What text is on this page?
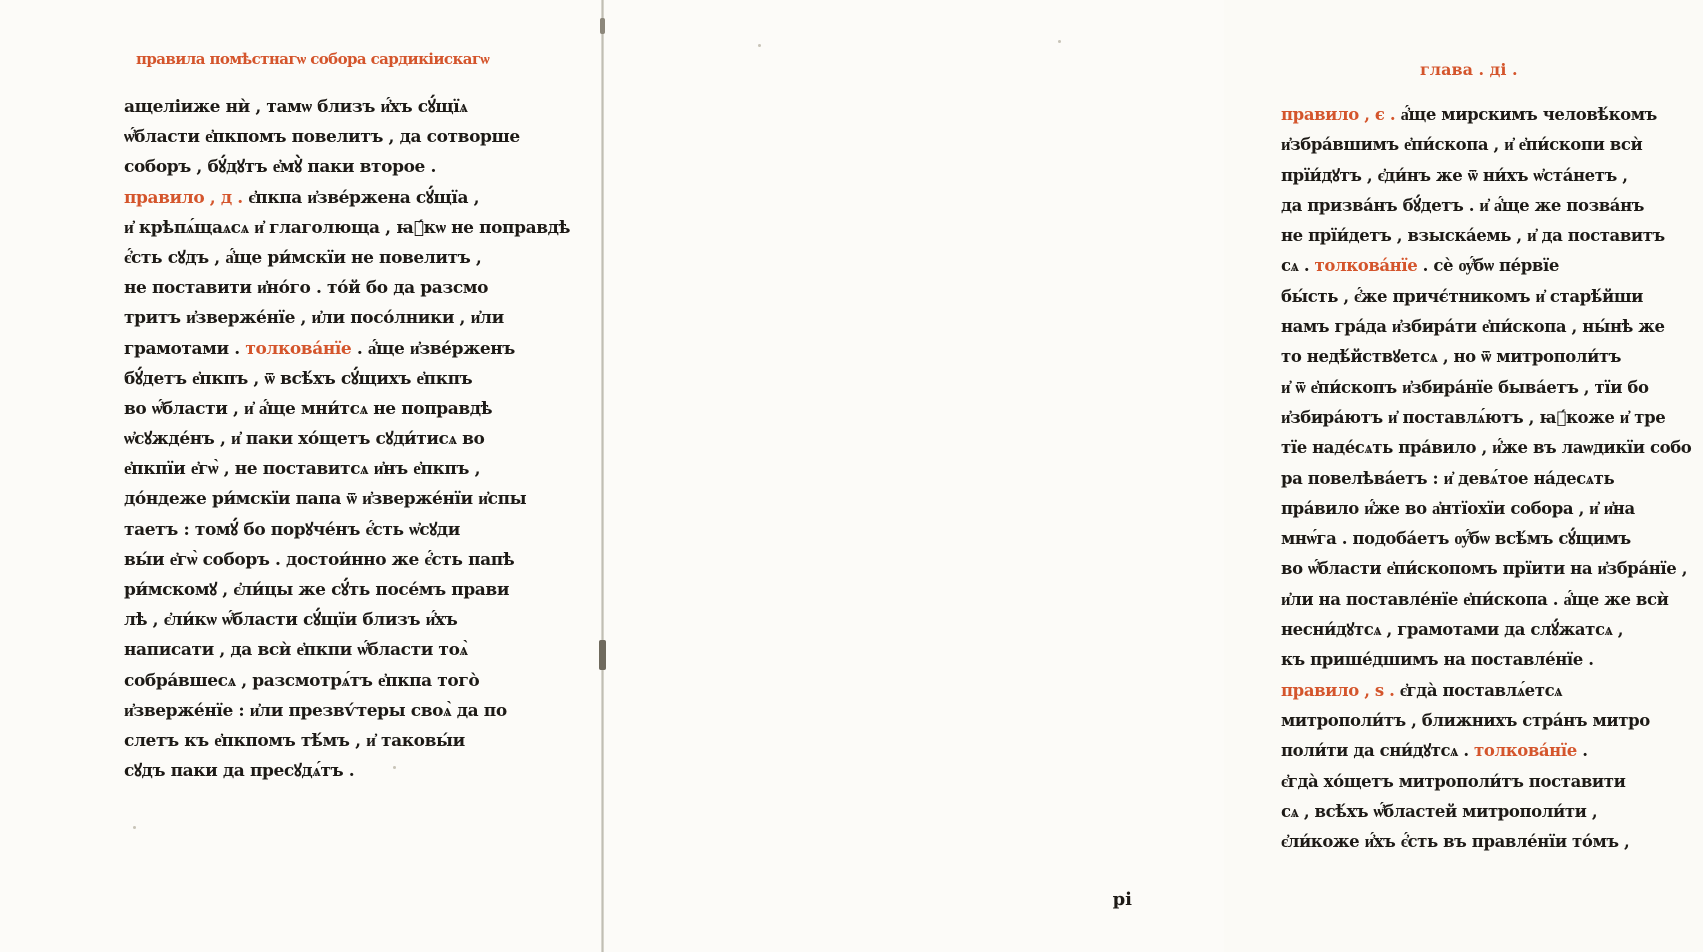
правила помѣстнагѡ собора сардикіискагѡ
ащеліиже нѝ , тамѡ близъ и҆́хъ сꙋ́щїѧ
ѡ҆́бласти е҆пкпомъ повелитъ , да сотворше
соборъ , бꙋ́дꙋтъ е҆мꙋ̀ паки второе .
правило , д . є҆пкпа и҆зве́ржена сꙋ́щїа ,
и҆ крѣпѧ́щаѧсѧ и҆ глаголюща , ꙗ҆́кѡ не поправдѣ
є҆́сть сꙋдъ , а҆́ще ри́мскїи не повелитъ ,
не поставити и҆но́го . то́й бо да разсмо
тритъ и҆зверже́нїе , и҆ли посо́лники , и҆ли
грамотами . толкова́нїе . а҆́ще и҆зве́рженъ
бꙋ́детъ е҆пкпъ , ѿ всѣ́хъ сꙋ́щихъ е҆пкпъ
во ѡ҆́бласти , и҆ а҆́ще мни́тсѧ не поправдѣ
ѡ҆сꙋжде́нъ , и҆ паки хо́щетъ сꙋди́тисѧ во
е҆пкпїи е҆гѡ̀ , не поставитсѧ и҆нъ е҆пкпъ ,
до́ндеже ри́мскїи папа ѿ и҆зверже́нїи и҆спы
таетъ : томꙋ́ бо порꙋче́нъ є҆́сть ѡ҆сꙋди
вы́и е҆гѡ̀ соборъ . достои́нно же є҆́сть папѣ
ри́мскомꙋ , є҆ли́цы же сꙋ́ть посе́мъ прави
лѣ , є҆ли́кѡ ѡ҆́бласти сꙋ́щїи близъ и҆́хъ
написати , да всѝ е҆пкпи ѡ҆́бласти тоѧ̀
собра́вшесѧ , разсмотрѧ́тъ е҆пкпа того̀
и҆зверже́нїе : и҆ли презвѵ́теры своѧ̀ да по
слетъ къ е҆пкпомъ тѣ́мъ , и҆ таковы́и
сꙋдъ паки да пресꙋдѧ́тъ .
глава . ді .
правило , є . а҆́ще мирскимъ человѣ́комъ
и҆збра́вшимъ е҆пи́скопа , и҆ е҆пи́скопи всѝ
прїи́дꙋтъ , є҆ди́нъ же ѿ ни́хъ ѡ҆ста́нетъ ,
да призва́нъ бꙋ́детъ . и҆ а҆́ще же позва́нъ
не прїи́детъ , взыска́емь , и҆ да поставитъ
сѧ . толкова́нїе . сѐ ѹ҆́бѡ пе́рвїе
бы́сть , є҆́же причє́тникомъ и҆ старѣ́йши
намъ гра́да и҆збира́ти е҆пи́скопа , ны́нѣ же
то недѣ́йствꙋетсѧ , но ѿ митрополи́тъ
и҆ ѿ е҆пи́скопъ и҆збира́нїе быва́етъ , тїи бо
и҆збира́ютъ и҆ поставлѧ́ютъ , ꙗ҆́коже и҆ тре
тїе наде́сѧть пра́вило , и҆́же въ лаѡдикїи собо
ра повелѣва́етъ : и҆ девѧ́тое на́десѧть
пра́вило и҆́же во а҆нтїохїи собора , и҆ и҆на
мнѡ́га . подоба́етъ ѹ҆́бѡ всѣ́мъ сꙋ́щимъ
во ѡ҆́бласти е҆пи́скопомъ прїити на и҆збра́нїе ,
и҆ли на поставле́нїе е҆пи́скопа . а҆́ще же всѝ
несни́дꙋтсѧ , грамотами да слꙋ́жатсѧ ,
къ прише́дшимъ на поставле́нїе .
правило , ѕ . є҆гда̀ поставлѧ́етсѧ
митрополи́тъ , ближнихъ стра́нъ митро
поли́ти да сни́дꙋтсѧ . толкова́нїе .
є҆гда̀ хо́щетъ митрополи́тъ поставити
сѧ , всѣ́хъ ѡ҆́бластей митрополи́ти ,
є҆ли́коже и҆́хъ є҆́сть въ правле́нїи то́мъ ,
рі
